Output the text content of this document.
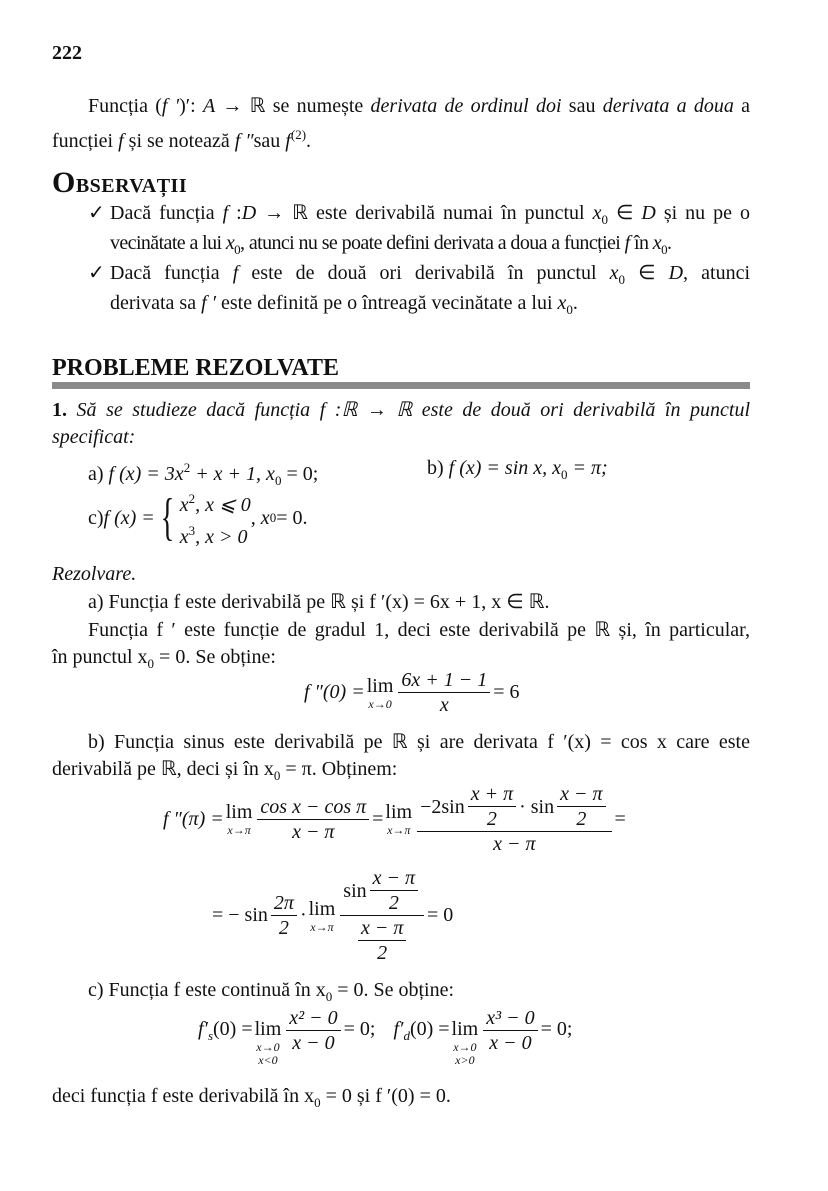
222
Funcția (f ′)′: A → ℝ se numește derivata de ordinul doi sau derivata a doua a
funcției f și se notează f ″sau $f^{(2)}$.
OBSERVAȚII
✓ Dacă funcția f :D → ℝ este derivabilă numai în punctul $x_0$ ∈ D și nu pe o
vecinătate a lui $x_0$, atunci nu se poate defini derivata a doua a funcției f în $x_0$.
✓ Dacă funcția f este de două ori derivabilă în punctul $x_0$ ∈ D, atunci
derivata sa f ′ este definită pe o întreagă vecinătate a lui $x_0$.
PROBLEME REZOLVATE
1. Să se studieze dacă funcția f :ℝ → ℝ este de două ori derivabilă în punctul
specificat:
a) f $(x) = 3x^2 + x + 1$, $x_0 = 0$;	b) f (x) = sin x, $x_0 = \pi$;
c) f (x) = { $x^2$, x ⩽ 0
$x^3$, x > 0
, x 0 = 0.
Rezolvare.
a) Funcția f este derivabilă pe ℝ și f ′(x) = 6x + 1, x ∈ ℝ.
Funcția f ′ este funcție de gradul 1, deci este derivabilă pe ℝ și, în particular,
în punctul $x_0 = 0$. Se obține:
f ″(0) = lim
$x\to 0 \frac{6x + 1 - 1}{x} = 6$
b) Funcția sinus este derivabilă pe ℝ și are derivata f ′(x) = cos x care este
derivabilă pe ℝ, deci și în $x_0 = \pi$. Obținem:
f ″(π) = lim
$x\to\pi \frac{\text{cos x − cos π}}{x - \pi} = \lim$
$x\to\pi \frac{-2\sin \frac{x + \pi}{2} \cdot \sin \frac{x - \pi}{2}}{x - \pi}$ =
= − $\sin \frac{2\pi}{2} \cdot \lim$
$x\to\pi \frac{\sin \frac{x - \pi}{2}}{\frac{x - \pi}{2}} = 0$
c) Funcția f este continuă în $x_0 = 0$. Se obține:
$f'_s(0) = \lim$
x→0
x<0
$\frac{\text{x² − 0}}{x - 0} = 0$; $f'_d(0) = \lim$
x→0
x>0
$\frac{\text{x³ − 0}}{x - 0} = 0$;
deci funcția f este derivabilă în $x_0 = 0$ și f ′(0) = 0.
